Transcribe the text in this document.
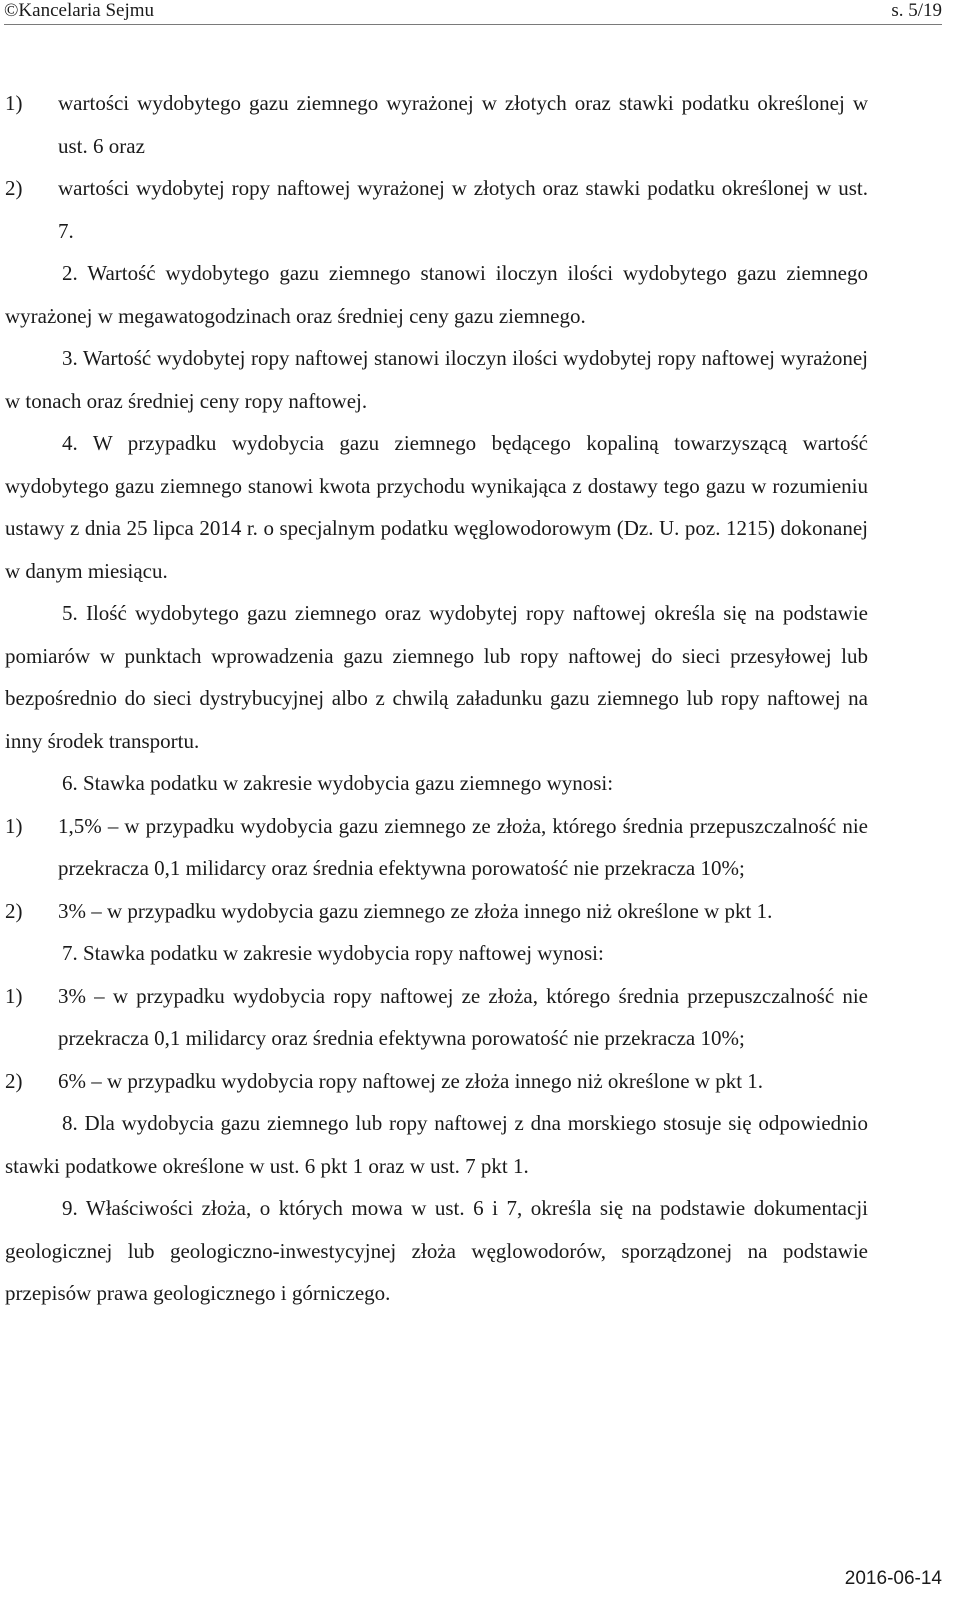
©Kancelaria Sejmu	s. 5/19

1) wartości wydobytego gazu ziemnego wyrażonej w złotych oraz stawki podatku określonej w ust. 6 oraz

2) wartości wydobytej ropy naftowej wyrażonej w złotych oraz stawki podatku określonej w ust. 7.

2. Wartość wydobytego gazu ziemnego stanowi iloczyn ilości wydobytego gazu ziemnego wyrażonej w megawatogodzinach oraz średniej ceny gazu ziemnego.

3. Wartość wydobytej ropy naftowej stanowi iloczyn ilości wydobytej ropy naftowej wyrażonej w tonach oraz średniej ceny ropy naftowej.

4. W przypadku wydobycia gazu ziemnego będącego kopaliną towarzyszącą wartość wydobytego gazu ziemnego stanowi kwota przychodu wynikająca z dostawy tego gazu w rozumieniu ustawy z dnia 25 lipca 2014 r. o specjalnym podatku węglowodorowym (Dz. U. poz. 1215) dokonanej w danym miesiącu.

5. Ilość wydobytego gazu ziemnego oraz wydobytej ropy naftowej określa się na podstawie pomiarów w punktach wprowadzenia gazu ziemnego lub ropy naftowej do sieci przesyłowej lub bezpośrednio do sieci dystrybucyjnej albo z chwilą załadunku gazu ziemnego lub ropy naftowej na inny środek transportu.

6. Stawka podatku w zakresie wydobycia gazu ziemnego wynosi:

1) 1,5% – w przypadku wydobycia gazu ziemnego ze złoża, którego średnia przepuszczalność nie przekracza 0,1 milidarcy oraz średnia efektywna porowatość nie przekracza 10%;

2) 3% – w przypadku wydobycia gazu ziemnego ze złoża innego niż określone w pkt 1.

7. Stawka podatku w zakresie wydobycia ropy naftowej wynosi:

1) 3% – w przypadku wydobycia ropy naftowej ze złoża, którego średnia przepuszczalność nie przekracza 0,1 milidarcy oraz średnia efektywna porowatość nie przekracza 10%;

2) 6% – w przypadku wydobycia ropy naftowej ze złoża innego niż określone w pkt 1.

8. Dla wydobycia gazu ziemnego lub ropy naftowej z dna morskiego stosuje się odpowiednio stawki podatkowe określone w ust. 6 pkt 1 oraz w ust. 7 pkt 1.

9. Właściwości złoża, o których mowa w ust. 6 i 7, określa się na podstawie dokumentacji geologicznej lub geologiczno-inwestycyjnej złoża węglowodorów, sporządzonej na podstawie przepisów prawa geologicznego i górniczego.

2016-06-14
